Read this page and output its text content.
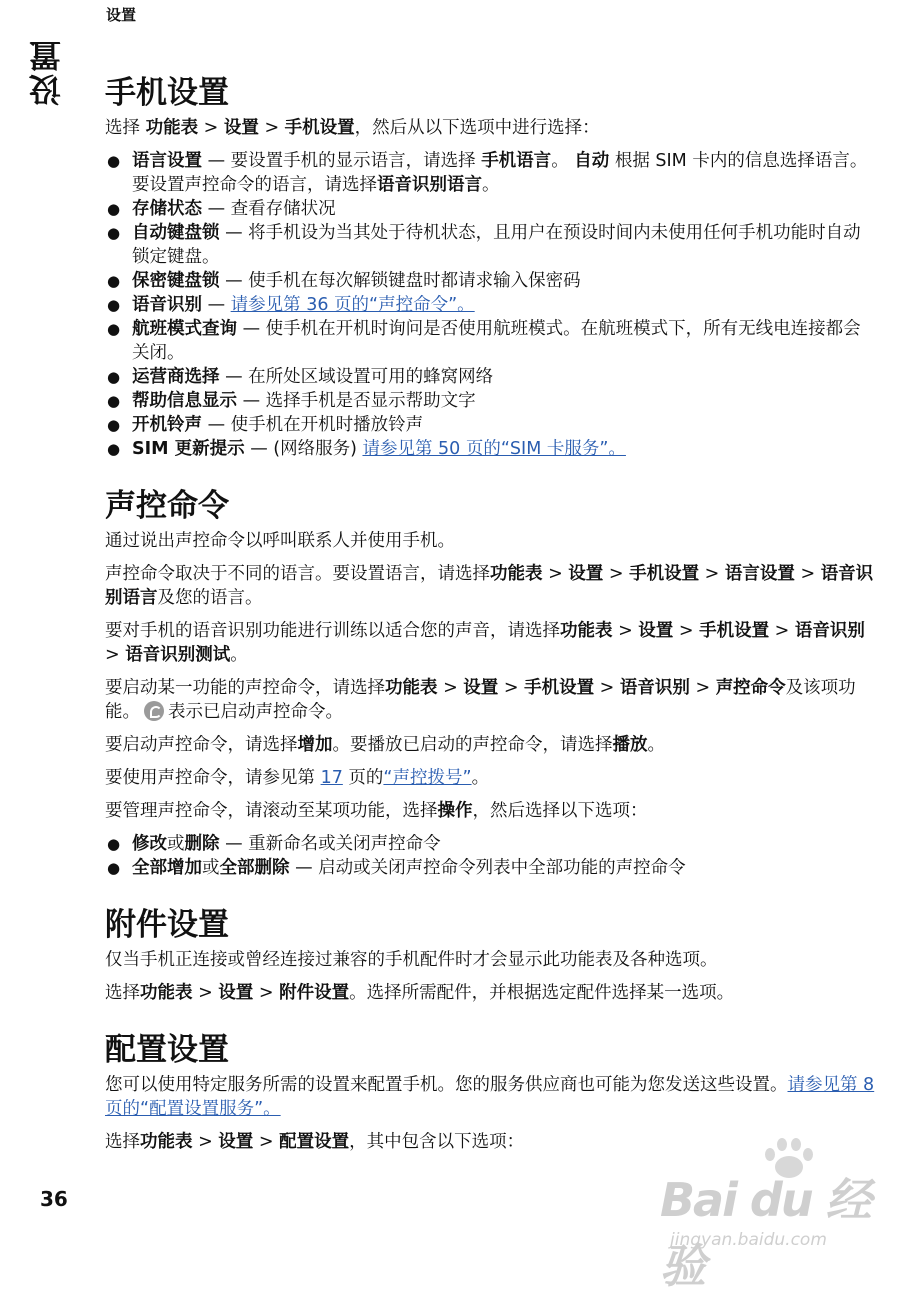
设置
设置
36
手机设置

选择 功能表 > 设置 > 手机设置，然后从以下选项中进行选择：

● 语言设置 — 要设置手机的显示语言，请选择 手机语言。 自动 根据 SIM 卡内的信息选择语言。要设置声控命令的语言，请选择语音识别语言。
● 存储状态 — 查看存储状况
● 自动键盘锁 — 将手机设为当其处于待机状态，且用户在预设时间内未使用任何手机功能时自动锁定键盘。
● 保密键盘锁 — 使手机在每次解锁键盘时都请求输入保密码
● 语音识别 — 请参见第 36 页的“声控命令”。
● 航班模式查询 — 使手机在开机时询问是否使用航班模式。在航班模式下，所有无线电连接都会关闭。
● 运营商选择 — 在所处区域设置可用的蜂窝网络
● 帮助信息显示 — 选择手机是否显示帮助文字
● 开机铃声 — 使手机在开机时播放铃声
● SIM 更新提示 — (网络服务) 请参见第 50 页的“SIM 卡服务”。
声控命令

通过说出声控命令以呼叫联系人并使用手机。

声控命令取决于不同的语言。要设置语言，请选择功能表 > 设置 > 手机设置 > 语言设置 > 语音识别语言及您的语言。

要对手机的语音识别功能进行训练以适合您的声音，请选择功能表 > 设置 > 手机设置 > 语音识别 > 语音识别测试。

要启动某一功能的声控命令，请选择功能表 > 设置 > 手机设置 > 语音识别 > 声控命令及该项功能。 表示已启动声控命令。

要启动声控命令，请选择增加。要播放已启动的声控命令，请选择播放。

要使用声控命令，请参见第 17 页的“声控拨号”。

要管理声控命令，请滚动至某项功能，选择操作，然后选择以下选项：

● 修改或删除 — 重新命名或关闭声控命令
● 全部增加或全部删除 — 启动或关闭声控命令列表中全部功能的声控命令
附件设置

仅当手机正连接或曾经连接过兼容的手机配件时才会显示此功能表及各种选项。

选择功能表 > 设置 > 附件设置。选择所需配件，并根据选定配件选择某一选项。

配置设置

您可以使用特定服务所需的设置来配置手机。您的服务供应商也可能为您发送这些设置。请参见第 8 页的“配置设置服务”。

选择功能表 > 设置 > 配置设置，其中包含以下选项：

Bai du 经验
jingyan.baidu.com
